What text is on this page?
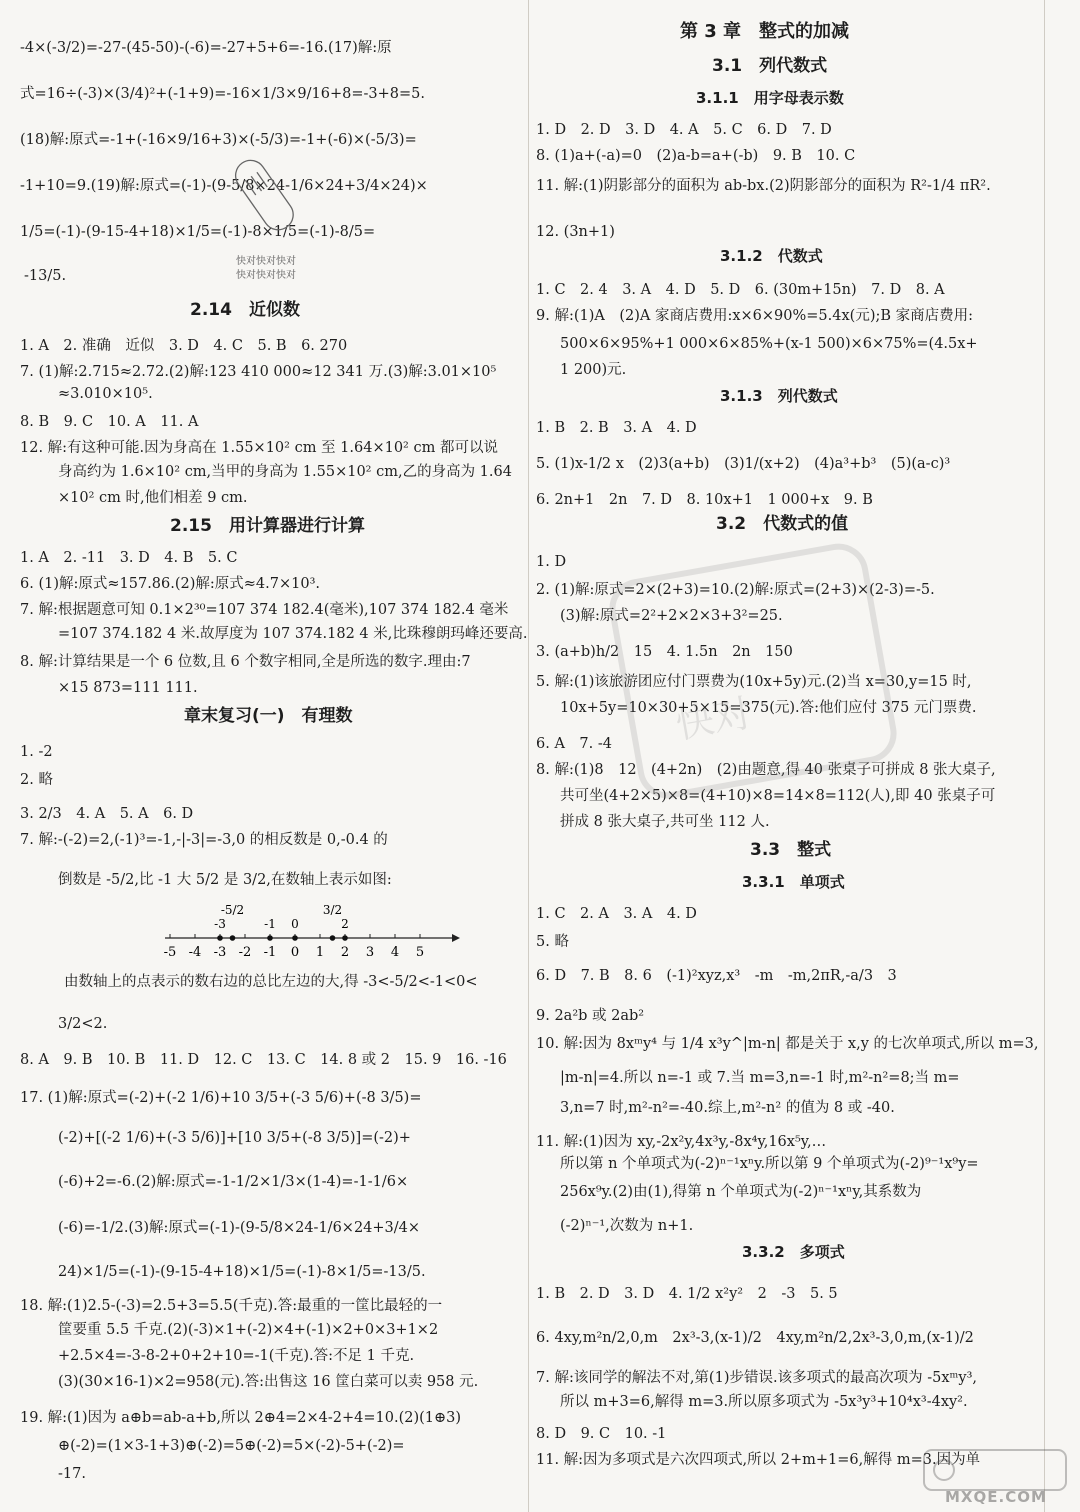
-4×(-3/2)=-27-(45-50)-(-6)=-27+5+6=-16.(17)解:原
式=16÷(-3)×(3/4)²+(-1+9)=-16×1/3×9/16+8=-3+8=5.
(18)解:原式=-1+(-16×9/16+3)×(-5/3)=-1+(-6)×(-5/3)=
-1+10=9.(19)解:原式=(-1)-(9-5/8×24-1/6×24+3/4×24)×
1/5=(-1)-(9-15-4+18)×1/5=(-1)-8×1/5=(-1)-8/5=
-13/5.
2.14　近似数
1. A　2. 准确　近似　3. D　4. C　5. B　6. 270
7. (1)解:2.715≈2.72.(2)解:123 410 000≈12 341 万.(3)解:3.01×10⁵
≈3.010×10⁵.
8. B　9. C　10. A　11. A
12. 解:有这种可能.因为身高在 1.55×10² cm 至 1.64×10² cm 都可以说
身高约为 1.6×10² cm,当甲的身高为 1.55×10² cm,乙的身高为 1.64
×10² cm 时,他们相差 9 cm.
2.15　用计算器进行计算
1. A　2. -11　3. D　4. B　5. C
6. (1)解:原式≈157.86.(2)解:原式≈4.7×10³.
7. 解:根据题意可知 0.1×2³⁰=107 374 182.4(毫米),107 374 182.4 毫米
=107 374.182 4 米.故厚度为 107 374.182 4 米,比珠穆朗玛峰还要高.
8. 解:计算结果是一个 6 位数,且 6 个数字相同,全是所选的数字.理由:7
×15 873=111 111.
章末复习(一)　有理数
1. -2
2. 略
3. 2/3　4. A　5. A　6. D
7. 解:-(-2)=2,(-1)³=-1,-|-3|=-3,0 的相反数是 0,-0.4 的
倒数是 -5/2,比 -1 大 5/2 是 3/2,在数轴上表示如图:
-5 -4 -3 -2 -1 0 1 2 3 4 5
-3
-5/2
-1 0
3/2
2
由数轴上的点表示的数右边的总比左边的大,得 -3<-5/2<-1<0<
3/2<2.
8. A　9. B　10. B　11. D　12. C　13. C　14. 8 或 2　15. 9　16. -16
17. (1)解:原式=(-2)+(-2 1/6)+10 3/5+(-3 5/6)+(-8 3/5)=
(-2)+[(-2 1/6)+(-3 5/6)]+[10 3/5+(-8 3/5)]=(-2)+
(-6)+2=-6.(2)解:原式=-1-1/2×1/3×(1-4)=-1-1/6×
(-6)=-1/2.(3)解:原式=(-1)-(9-5/8×24-1/6×24+3/4×
24)×1/5=(-1)-(9-15-4+18)×1/5=(-1)-8×1/5=-13/5.
18. 解:(1)2.5-(-3)=2.5+3=5.5(千克).答:最重的一筐比最轻的一
筐要重 5.5 千克.(2)(-3)×1+(-2)×4+(-1)×2+0×3+1×2
+2.5×4=-3-8-2+0+2+10=-1(千克).答:不足 1 千克.
(3)(30×16-1)×2=958(元).答:出售这 16 筐白菜可以卖 958 元.
19. 解:(1)因为 a⊕b=ab-a+b,所以 2⊕4=2×4-2+4=10.(2)(1⊕3)
⊕(-2)=(1×3-1+3)⊕(-2)=5⊕(-2)=5×(-2)-5+(-2)=
-17.
快对快对快对
快对快对快对
第 3 章　整式的加减
3.1　列代数式
3.1.1　用字母表示数
1. D　2. D　3. D　4. A　5. C　6. D　7. D
8. (1)a+(-a)=0　(2)a-b=a+(-b)　9. B　10. C
11. 解:(1)阴影部分的面积为 ab-bx.(2)阴影部分的面积为 R²-1/4 πR².
12. (3n+1)
3.1.2　代数式
1. C　2. 4　3. A　4. D　5. D　6. (30m+15n)　7. D　8. A
9. 解:(1)A　(2)A 家商店费用:x×6×90%=5.4x(元);B 家商店费用:
500×6×95%+1 000×6×85%+(x-1 500)×6×75%=(4.5x+
1 200)元.
3.1.3　列代数式
1. B　2. B　3. A　4. D
5. (1)x-1/2 x　(2)3(a+b)　(3)1/(x+2)　(4)a³+b³　(5)(a-c)³
6. 2n+1　2n　7. D　8. 10x+1　1 000+x　9. B
3.2　代数式的值
1. D
2. (1)解:原式=2×(2+3)=10.(2)解:原式=(2+3)×(2-3)=-5.
(3)解:原式=2²+2×2×3+3²=25.
3. (a+b)h/2　15　4. 1.5n　2n　150
5. 解:(1)该旅游团应付门票费为(10x+5y)元.(2)当 x=30,y=15 时,
10x+5y=10×30+5×15=375(元).答:他们应付 375 元门票费.
6. A　7. -4
8. 解:(1)8　12　(4+2n)　(2)由题意,得 40 张桌子可拼成 8 张大桌子,
共可坐(4+2×5)×8=(4+10)×8=14×8=112(人),即 40 张桌子可
拼成 8 张大桌子,共可坐 112 人.
3.3　整式
3.3.1　单项式
1. C　2. A　3. A　4. D
5. 略
6. D　7. B　8. 6　(-1)²xyz,x³　-m　-m,2πR,-a/3　3
9. 2a²b 或 2ab²
10. 解:因为 8xᵐy⁴ 与 1/4 x³y^|m-n| 都是关于 x,y 的七次单项式,所以 m=3,
|m-n|=4.所以 n=-1 或 7.当 m=3,n=-1 时,m²-n²=8;当 m=
3,n=7 时,m²-n²=-40.综上,m²-n² 的值为 8 或 -40.
11. 解:(1)因为 xy,-2x²y,4x³y,-8x⁴y,16x⁵y,…
所以第 n 个单项式为(-2)ⁿ⁻¹xⁿy.所以第 9 个单项式为(-2)⁹⁻¹x⁹y=
256x⁹y.(2)由(1),得第 n 个单项式为(-2)ⁿ⁻¹xⁿy,其系数为
(-2)ⁿ⁻¹,次数为 n+1.
3.3.2　多项式
1. B　2. D　3. D　4. 1/2 x²y²　2　-3　5. 5
6. 4xy,m²n/2,0,m　2x³-3,(x-1)/2　4xy,m²n/2,2x³-3,0,m,(x-1)/2
7. 解:该同学的解法不对,第(1)步错误.该多项式的最高次项为 -5xᵐy³,
所以 m+3=6,解得 m=3.所以原多项式为 -5x³y³+10⁴x³-4xy².
8. D　9. C　10. -1
11. 解:因为多项式是六次四项式,所以 2+m+1=6,解得 m=3.因为单
快对
MXQE.COM
